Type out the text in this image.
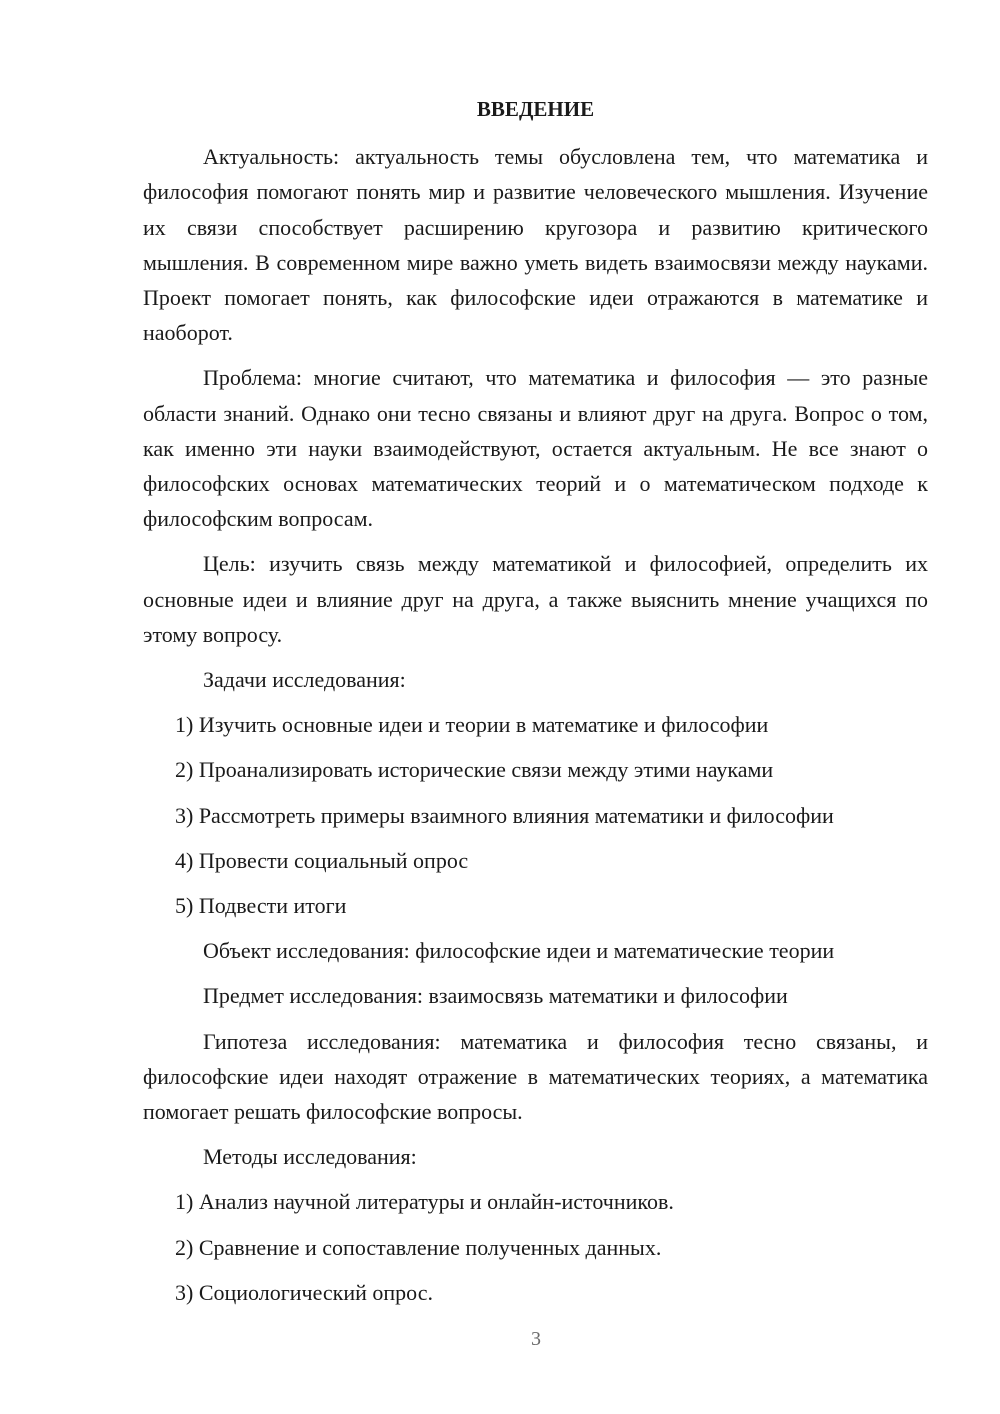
ВВЕДЕНИЕ

Актуальность: актуальность темы обусловлена тем, что математика и философия помогают понять мир и развитие человеческого мышления. Изучение их связи способствует расширению кругозора и развитию критического мышления. В современном мире важно уметь видеть взаимосвязи между науками. Проект помогает понять, как философские идеи отражаются в математике и наоборот.

Проблема: многие считают, что математика и философия — это разные области знаний. Однако они тесно связаны и влияют друг на друга. Вопрос о том, как именно эти науки взаимодействуют, остается актуальным. Не все знают о философских основах математических теорий и о математическом подходе к философским вопросам.

Цель: изучить связь между математикой и философией, определить их основные идеи и влияние друг на друга, а также выяснить мнение учащихся по этому вопросу.

Задачи исследования:
1) Изучить основные идеи и теории в математике и философии
2) Проанализировать исторические связи между этими науками
3) Рассмотреть примеры взаимного влияния математики и философии
4) Провести социальный опрос
5) Подвести итоги
Объект исследования: философские идеи и математические теории
Предмет исследования: взаимосвязь математики и философии

Гипотеза исследования: математика и философия тесно связаны, и философские идеи находят отражение в математических теориях, а математика помогает решать философские вопросы.

Методы исследования:
1) Анализ научной литературы и онлайн-источников.
2) Сравнение и сопоставление полученных данных.
3) Социологический опрос.
3
